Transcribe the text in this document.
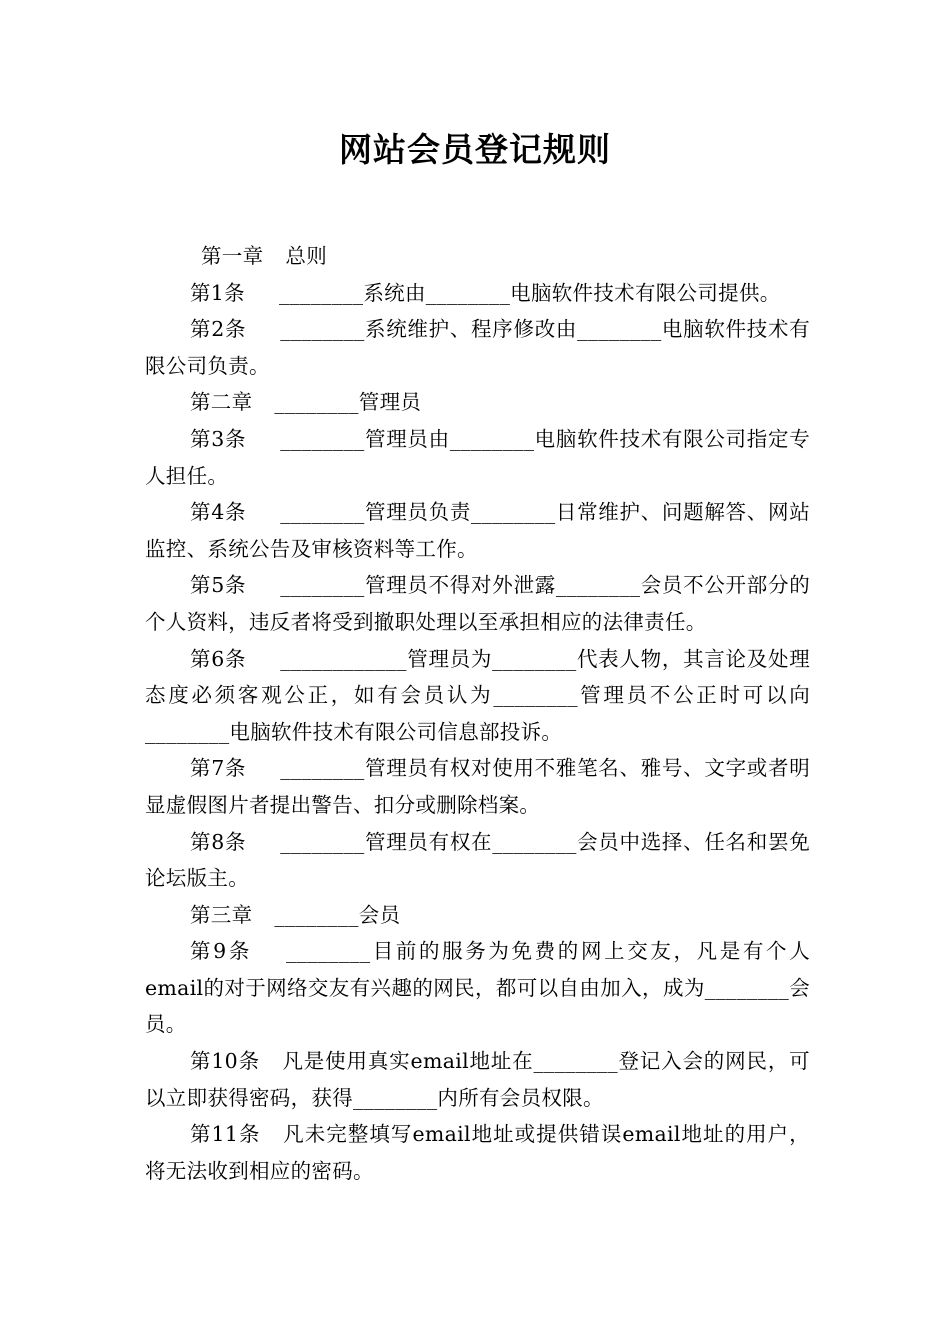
网站会员登记规则

第一章 总则

第1条 ________系统由________电脑软件技术有限公司提供。

第2条 ________系统维护、程序修改由________电脑软件技术有限公司负责。

第二章 ________管理员

第3条 ________管理员由________电脑软件技术有限公司指定专人担任。

第4条 ________管理员负责________日常维护、问题解答、网站监控、系统公告及审核资料等工作。

第5条 ________管理员不得对外泄露________会员不公开部分的个人资料，违反者将受到撤职处理以至承担相应的法律责任。

第6条 ____________管理员为________代表人物，其言论及处理态度必须客观公正，如有会员认为________管理员不公正时可以向________电脑软件技术有限公司信息部投诉。

第7条 ________管理员有权对使用不雅笔名、雅号、文字或者明显虚假图片者提出警告、扣分或删除档案。

第8条 ________管理员有权在________会员中选择、任名和罢免论坛版主。

第三章 ________会员

第9条 ________目前的服务为免费的网上交友，凡是有个人email的对于网络交友有兴趣的网民，都可以自由加入，成为________会员。

第10条 凡是使用真实email地址在________登记入会的网民，可以立即获得密码，获得________内所有会员权限。

第11条 凡未完整填写email地址或提供错误email地址的用户，将无法收到相应的密码。
